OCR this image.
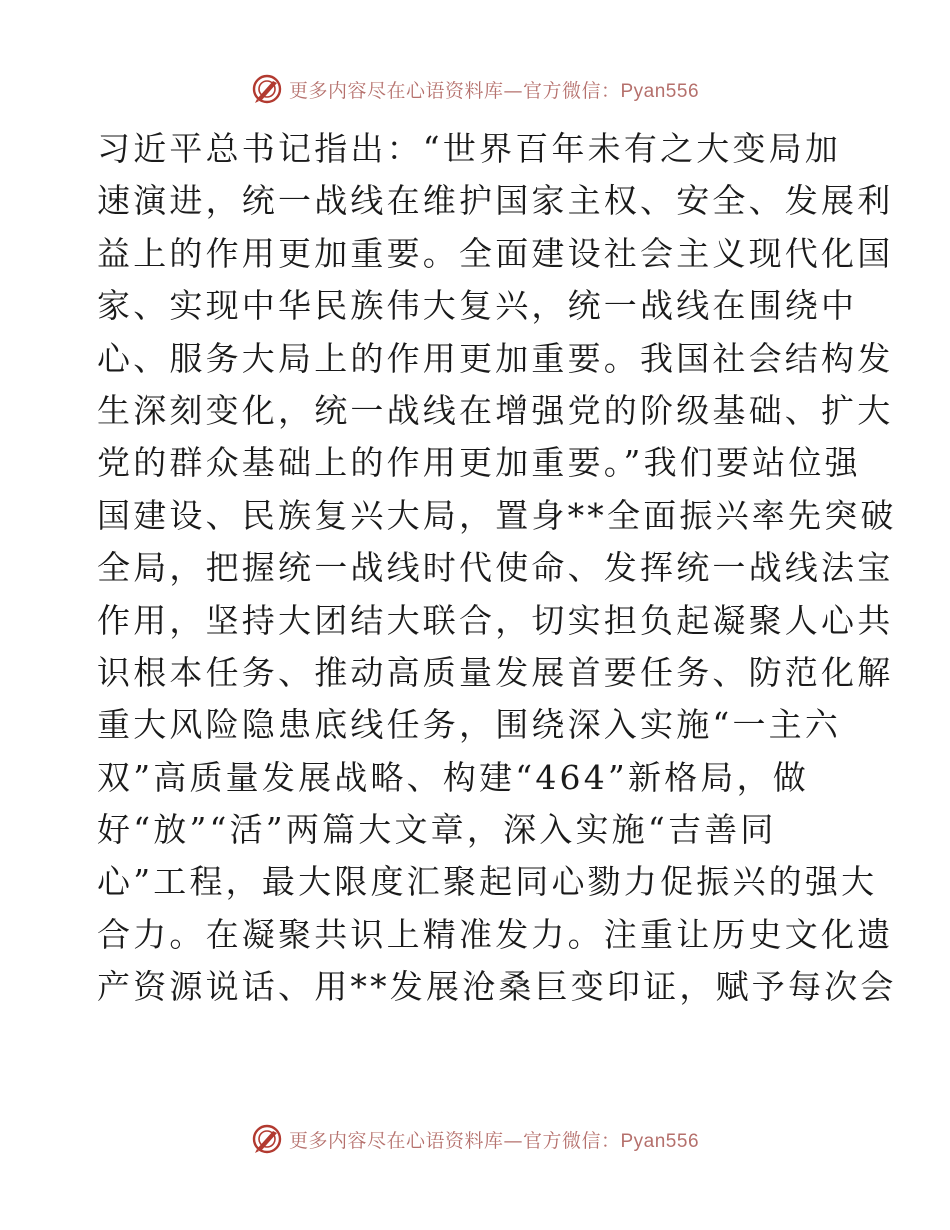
更多内容尽在心语资料库—官方微信：Pyan556
习近平总书记指出：“世界百年未有之大变局加
速演进，统一战线在维护国家主权、安全、发展利
益上的作用更加重要。全面建设社会主义现代化国
家、实现中华民族伟大复兴，统一战线在围绕中
心、服务大局上的作用更加重要。我国社会结构发
生深刻变化，统一战线在增强党的阶级基础、扩大
党的群众基础上的作用更加重要。”我们要站位强
国建设、民族复兴大局，置身**全面振兴率先突破
全局，把握统一战线时代使命、发挥统一战线法宝
作用，坚持大团结大联合，切实担负起凝聚人心共
识根本任务、推动高质量发展首要任务、防范化解
重大风险隐患底线任务，围绕深入实施“一主六
双”高质量发展战略、构建“464”新格局，做
好“放”“活”两篇大文章，深入实施“吉善同
心”工程，最大限度汇聚起同心勠力促振兴的强大
合力。在凝聚共识上精准发力。注重让历史文化遗
产资源说话、用**发展沧桑巨变印证，赋予每次会
更多内容尽在心语资料库—官方微信：Pyan556
